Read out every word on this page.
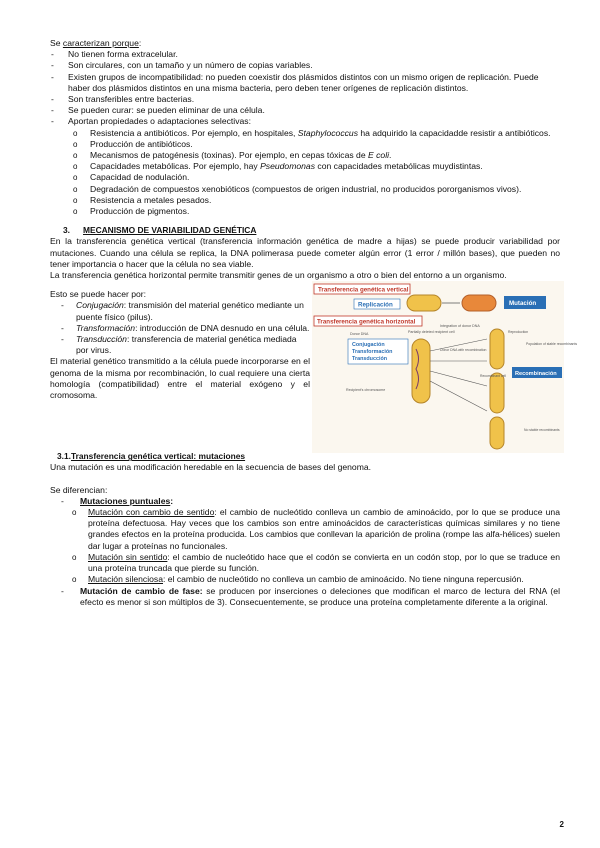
Se caracterizan porque:
- No tienen forma extracelular.
- Son circulares, con un tamaño y un número de copias variables.
- Existen grupos de incompatibilidad: no pueden coexistir dos plásmidos distintos con un mismo origen de replicación. Puede haber dos plásmidos distintos en una misma bacteria, pero deben tener orígenes de replicación distintos.
- Son transferibles entre bacterias.
- Se pueden curar: se pueden eliminar de una célula.
- Aportan propiedades o adaptaciones selectivas:
o Resistencia a antibióticos. Por ejemplo, en hospitales, Staphylococcus ha adquirido la capacidadde resistir a antibióticos.
o Producción de antibióticos.
o Mecanismos de patogénesis (toxinas). Por ejemplo, en cepas tóxicas de E coli.
o Capacidades metabólicas. Por ejemplo, hay Pseudomonas con capacidades metabólicas muydistintas.
o Capacidad de nodulación.
o Degradación de compuestos xenobióticos (compuestos de origen industrial, no producidos pororganismos vivos).
o Resistencia a metales pesados.
o Producción de pigmentos.
3. MECANISMO DE VARIABILIDAD GENÉTICA
En la transferencia genética vertical (transferencia información genética de madre a hijas) se puede producir variabilidad por mutaciones. Cuando una célula se replica, la DNA polimerasa puede cometer algún error (1 error / millón bases), que pueden no tener importancia o hacer que la célula no sea viable.
La transferencia genética horizontal permite transmitir genes de un organismo a otro o bien del entorno a un organismo.
Esto se puede hacer por:
- Conjugación: transmisión del material genético mediante un puente físico (pilus).
- Transformación: introducción de DNA desnudo en una célula.
- Transducción: transferencia de material genética mediada por virus.
El material genético transmitido a la célula puede incorporarse en el genoma de la misma por recombinación, lo cual requiere una cierta homología (compatibilidad) entre el material exógeno y el cromosoma.
Transferencia genética vertical
Replicación	Mutación
Transferencia genética horizontal
Donor DNA	Partially deleted recipient cell
Integration of donor DNA
Conjugación
Transformación
Transducción
Recipient's chromosome
Donor DNA with recombination
Recombinant cell
Reproduction
Population of stable recombinants
No stable recombinants
Recombinación
3.1.Transferencia genética vertical: mutaciones
Una mutación es una modificación heredable en la secuencia de bases del genoma.
Se diferencian:
- Mutaciones puntuales:
o Mutación con cambio de sentido: el cambio de nucleótido conlleva un cambio de aminoácido, por lo que se produce una proteína defectuosa. Hay veces que los cambios son entre aminoácidos de características químicas similares y no tiene grandes efectos en la proteína producida. Los cambios que conllevan la aparición de prolina (rompe las alfa-hélices) suelen dar lugar a proteínas no funcionales.
o Mutación sin sentido: el cambio de nucleótido hace que el codón se convierta en un codón stop, por lo que se traduce en una proteína truncada que pierde su función.
o Mutación silenciosa: el cambio de nucleótido no conlleva un cambio de aminoácido. No tiene ninguna repercusión.
- Mutación de cambio de fase: se producen por inserciones o deleciones que modifican el marco de lectura del RNA (el efecto es menor si son múltiplos de 3). Consecuentemente, se produce una proteína completamente diferente a la original.
2
